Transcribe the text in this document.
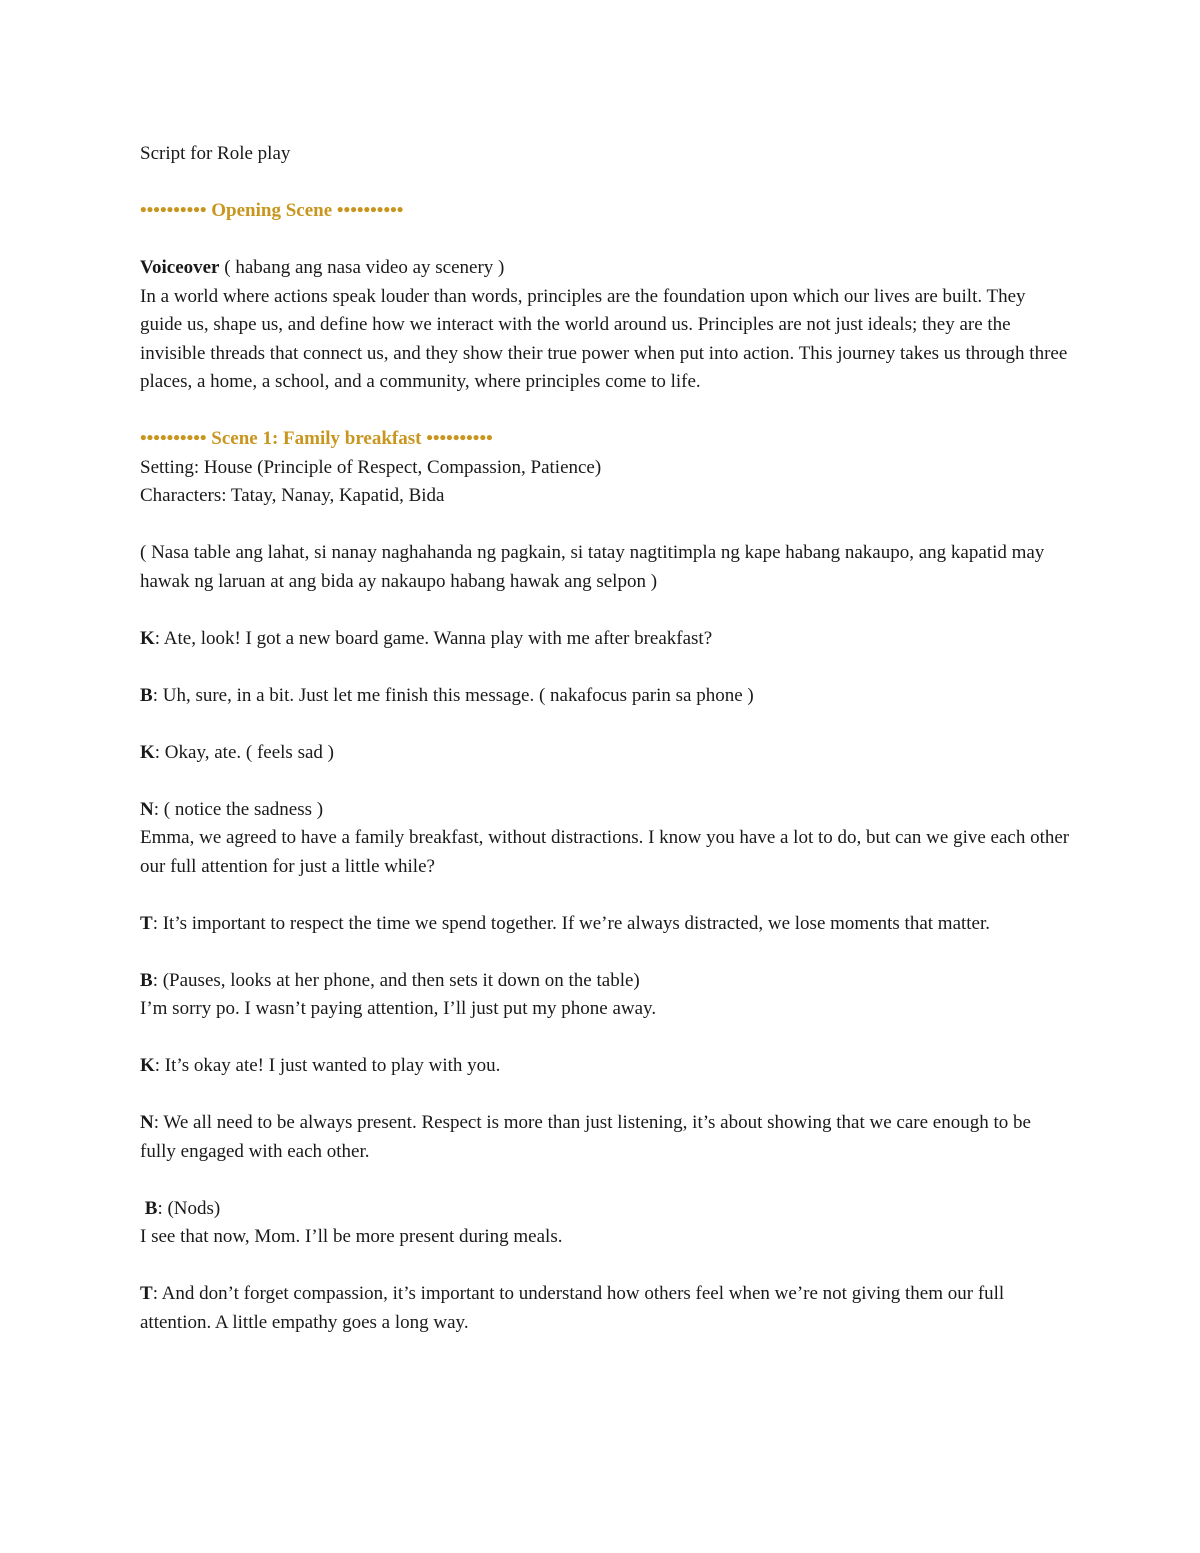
Script for Role play

•••••••••• Opening Scene ••••••••••

Voiceover ( habang ang nasa video ay scenery )

In a world where actions speak louder than words, principles are the foundation upon which our lives are built. They guide us, shape us, and define how we interact with the world around us. Principles are not just ideals; they are the invisible threads that connect us, and they show their true power when put into action. This journey takes us through three places, a home, a school, and a community, where principles come to life.

•••••••••• Scene 1: Family breakfast ••••••••••

Setting: House (Principle of Respect, Compassion, Patience)

Characters: Tatay, Nanay, Kapatid, Bida

( Nasa table ang lahat, si nanay naghahanda ng pagkain, si tatay nagtitimpla ng kape habang nakaupo, ang kapatid may hawak ng laruan at ang bida ay nakaupo habang hawak ang selpon )

K: Ate, look! I got a new board game. Wanna play with me after breakfast?

B: Uh, sure, in a bit. Just let me finish this message. ( nakafocus parin sa phone )

K: Okay, ate. ( feels sad )

N: ( notice the sadness )

Emma, we agreed to have a family breakfast, without distractions. I know you have a lot to do, but can we give each other our full attention for just a little while?

T: It’s important to respect the time we spend together. If we’re always distracted, we lose moments that matter.

B: (Pauses, looks at her phone, and then sets it down on the table)

I’m sorry po. I wasn’t paying attention, I’ll just put my phone away.

K: It’s okay ate! I just wanted to play with you.

N: We all need to be always present. Respect is more than just listening, it’s about showing that we care enough to be fully engaged with each other.

B: (Nods)

I see that now, Mom. I’ll be more present during meals.

T: And don’t forget compassion, it’s important to understand how others feel when we’re not giving them our full attention. A little empathy goes a long way.
